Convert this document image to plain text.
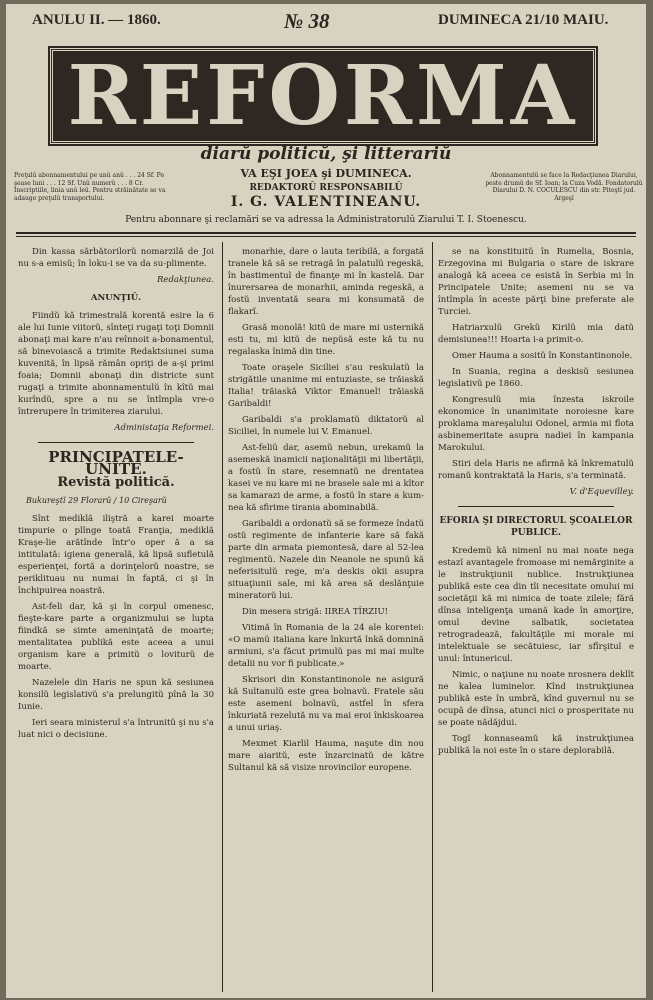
ANULU II. — 1860.	№ 38	DUMINECA 21/10 MAIU.
REFORMA
diarŭ politicŭ, şi litterariŭ
VA EŞI JOEA şi DUMINECA.
REDAKTORŬ RESPONSABILŬ
I. G. VALENTINEANU.
Pentru abonnare şi reclamări se va adressa la Administratorulŭ Ziarului T. I. Stoenescu.
Preţulŭ abonnamentului pe unŭ anŭ . . . 24 Sf. Pe şease luni . . . 12 Sf. Unŭ numerŭ . . . 8 Cr. Inscriptiile, linia unŭ leŭ. Pentru străinătate se va adauge preţulŭ transportului.
Abonnamentulŭ se face la Redacţiunea Diarului, peste drumŭ de Sf. Ioan; la Cuza Vodă. Fondatorulŭ Diarului D. N. COCULESCU din str. Piteştĭ jud. Argeşĭ

Din kassa sărbătorilorŭ nomarzilă de Joi nu s-a emisŭ; în loku-i se va da su-plimente.

Redakţiunea.
ANUNŢIŬ.

Fiindŭ kă trimestrală korentă esire la 6 ale lui Iunie viitorŭ, sînteţi rugaţi toţi Domnii abonaţi mai kare n'au reînnoit a-bonamentul, să binevoiască a trimite Redaktsiunei suma kuvenită, în lipsă rămân opriţi de a-şi primi foaia; Domnii abonaţi din districte sunt rugaţi a trimite abonnamentulŭ în kîtŭ mai kurîndŭ, spre a nu se întîmpla vre-o întrerupere în trimiterea ziarului.

Administaţia Reformei.
PRINCIPATELE-UNITE.
Revistă politică.
Bukureştĭ 29 Florarŭ / 10 Cireşarŭ

Sînt mediklă iliştră a karei moarte timpurie o plînge toată Franţia, mediklă Kraşe-lie arătînde într'o oper ă a sa intitulată: igiena generală, kă lipsă sufletulă esperienţei, fortă a dorinţelorŭ noastre, se periklituau nu numai în faptă, ci şi în închipuirea noastră.

Ast-feli dar, kă şi în corpul omenesc, fieşte-kare parte a organizmului se lupta fiindkă se simte ameninţată de moarte; mentalitatea publikă este aceea a unui organism kare a primitŭ o loviturŭ de moarte.

Nazelele din Haris ne spun kă sesiunea konsilŭ legislativŭ s'a prelungitŭ pînă la 30 Iunie.

Ieri seara ministerul s'a întrunitŭ şi nu s'a luat nici o decisiune.

monarhie, dare o lauta teribilă, a forgată tranele kă să se retragă în palatulŭ regeskă, în bastimentul de finanţe mi în kastelă. Dar înurersarea de monarhii, aminda regeskă, a fostŭ inventată seara mi konsumată de flakarĭ.

Grasă monolă! kitŭ de mare mi usternikă esti tu, mi kitŭ de nepŭsă este kă tu nu regalaska înimă din tine.

Toate oraşele Siciliei s'au reskulatŭ la strigătile unanime mi entuziaste, se trăiaskă Italia! trăiaskă Viktor Emanuel! trăiaskă Garibaldi!

Garibaldi s'a proklamatŭ diktatorŭ al Siciliei, în numele lui V. Emanuel.

Ast-feliŭ dar, asemŭ nebun, urekamŭ la asemeskă inamicii naţionalităţii mi libertăţii, a fostŭ în stare, resemnatŭ ne drentatea kasei ve nu kare mi ne brasele sale mi a kîtor sa kamarazi de arme, a fostŭ în stare a kum-nea kă sfirime tirania abominabilă.

Garibaldi a ordonatŭ să se formeze îndatŭ ostŭ regimente de infanterie kare să fakă parte din armata piemontesă, dare al 52-lea regimentŭ. Nazele din Neanole ne spunŭ kă neferisitulŭ rege, m'a deskis okii asupra situaţiunii sale, mi kă area să deslănţuie mineratorŭ lui.

Din mesera strigă: IIREA TÎRZIU!

Vitimă în Romania de la 24 ale korentei: «O mamŭ italiana kare înkurtă înkă domnină armiuni, s'a făcut primulŭ pas mi mai multe detalii nu vor fi publicate.»

Skrisori din Konstantinonole ne asigură kă Sultanulŭ este grea bolnavŭ. Fratele său este asemeni bolnavŭ, astfel în sfera înkuriată rezelută nu va mai eroi înkiskoarea a unui uriaş.

Mexmet Kiarlil Hauma, naşute din nou mare aiaritŭ, este înzarcinatŭ de kătre Sultanul kă să visize nrovincilor europene.

se na konstituitŭ în Rumelia, Bosnia, Erzegovina mi Bulgaria o stare de iskrare analogă kă aceea ce esistă în Serbia mi în Principatele Unite; asemeni nu se va întîmpla în aceste părţi bine preferate ale Turciei.

Hatriarxulŭ Grekŭ Kirilŭ mia datŭ demisiunea!!! Hoarta i-a primit-o.

Omer Hauma a sositŭ în Konstantinonole.

In Suania, regina a deskisŭ sesiunea legislativŭ pe 1860.

Kongresulŭ mia înzesta iskroile ekonomice în unanimitate noroiesne kare proklama mareşalului Odonel, armia mi flota asbinemeritate asupra nadiei în kampania Marokului.

Stiri dela Haris ne afirmă kă înkrematulŭ romanŭ kontraktată la Haris, s'a terminată.

V. d'Equevilley.
EFORIA ŞI DIRECTORUL ŞCOALELOR PUBLICE.

Kredemŭ kă nimenî nu mai noate nega estazĭ avantagele fromoase mi nemărginite a le instrukţiunii nublice. Instrukţiunea publikă este cea din tîi necesitate omului mi societăţii kă mi nimica de toate zilele; fără dînsa inteligenţa umană kade în amorţire, omul devine salbatik, societatea retrogradează, fakultăţile mi morale mi intelektuale se secătuiesc, iar sfîrşitul e unul: întunericul.

Nimic, o naţiune nu noate nrosnera deklît ne kalea luminelor. Kînd instrukţiunea publikă este în umbră, kînd guvernul nu se ocupă de dînsa, atunci nici o prosperitate nu se poate nădăjdui.

Togĭ konnaseamŭ kă instrukţiunea publikă la noi este în o stare deplorabilă.
